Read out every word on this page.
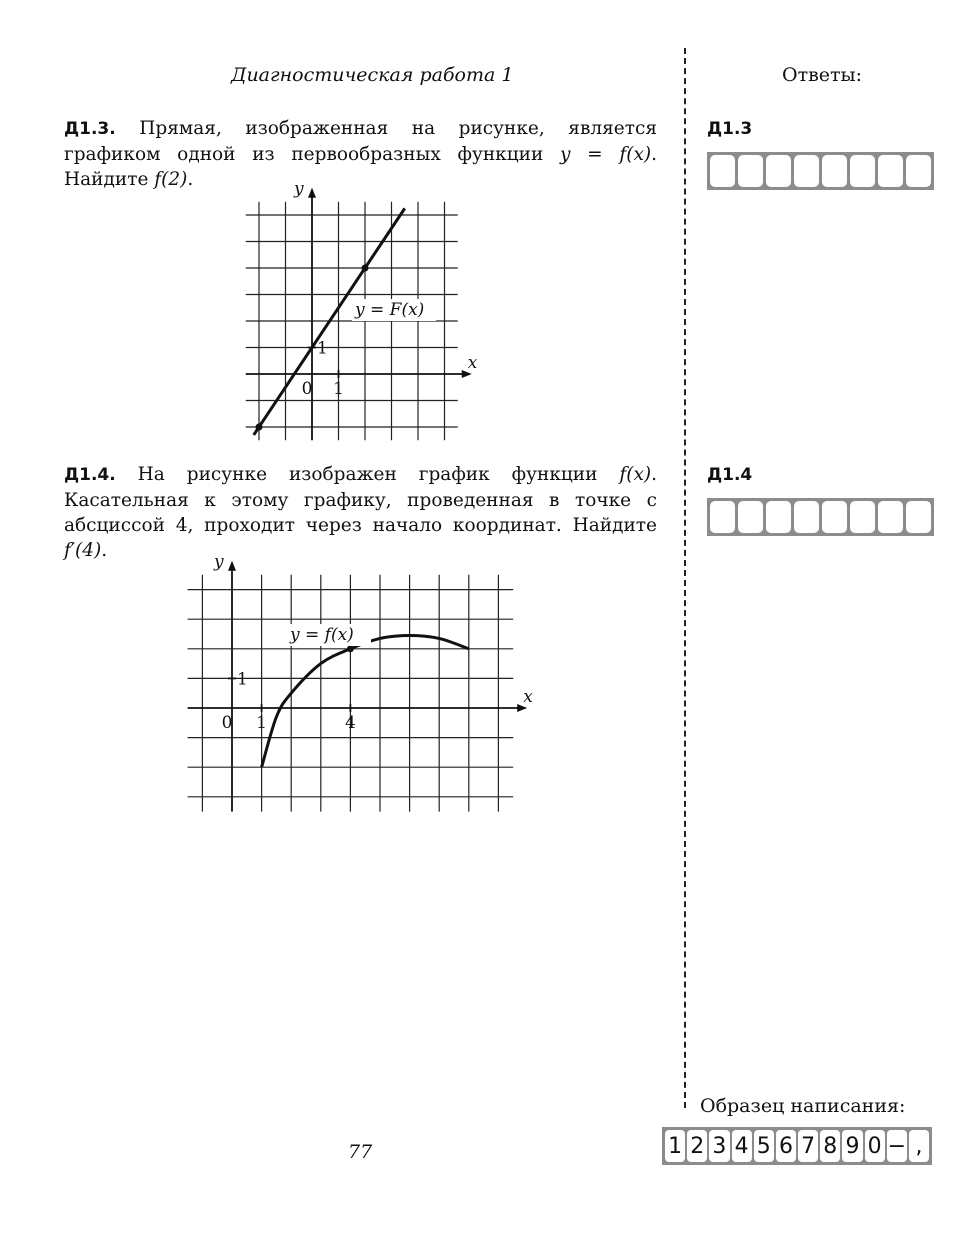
Диагностическая работа 1	Ответы:
Д1.3. Прямая, изображенная на рисунке, является графиком одной из первообразных функции y = f(x). Найдите f(2).
x
y
0 1
1
y = F(x)
Д1.4. На рисунке изображен график функции f(x). Касательная к этому графику, проведенная в точке с абсциссой 4, проходит через начало координат. Найдите f′(4).
x
y
0 1	4
1
y = f(x)
Д1.3
Д1.4
Образец написания:
1 2 3 4 5 6 7 8 9 0 − ,
77
